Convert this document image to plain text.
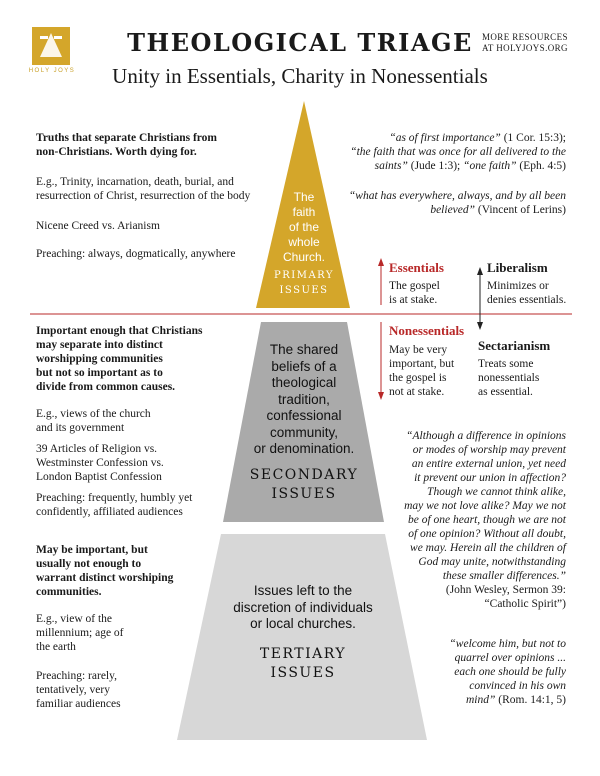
HOLY JOYS
THEOLOGICAL TRIAGE
Unity in Essentials, Charity in Nonessentials
MORE RESOURCES
AT HOLYJOYS.ORG
The
faith
of the
whole
Church.
PRIMARY
ISSUES
The shared
beliefs of a
theological
tradition,
confessional
community,
or denomination.
SECONDARY
ISSUES
Issues left to the
discretion of individuals
or local churches.
TERTIARY
ISSUES
Truths that separate Christians from
non-Christians. Worth dying for.
E.g., Trinity, incarnation, death, burial, and
resurrection of Christ, resurrection of the body
Nicene Creed vs. Arianism
Preaching: always, dogmatically, anywhere
“as of first importance” (1 Cor. 15:3);
“the faith that was once for all delivered to the
saints” (Jude 1:3); “one faith” (Eph. 4:5)
“what has everywhere, always, and by all been
believed” (Vincent of Lerins)
Essentials
The gospel
is at stake.
Liberalism
Minimizes or
denies essentials.
Nonessentials
May be very
important, but
the gospel is
not at stake.
Sectarianism
Treats some
nonessentials
as essential.
Important enough that Christians
may separate into distinct
worshipping communities
but not so important as to
divide from common causes.
E.g., views of the church
and its government
39 Articles of Religion vs.
Westminster Confession vs.
London Baptist Confession
Preaching: frequently, humbly yet
confidently, affiliated audiences
“Although a difference in opinions
or modes of worship may prevent
an entire external union, yet need
it prevent our union in affection?
Though we cannot think alike,
may we not love alike? May we not
be of one heart, though we are not
of one opinion? Without all doubt,
we may. Herein all the children of
God may unite, notwithstanding
these smaller differences.”
(John Wesley, Sermon 39:
“Catholic Spirit”)
May be important, but
usually not enough to
warrant distinct worshiping
communities.
E.g., view of the
millennium; age of
the earth
Preaching: rarely,
tentatively, very
familiar audiences
“welcome him, but not to
quarrel over opinions ...
each one should be fully
convinced in his own
mind” (Rom. 14:1, 5)
